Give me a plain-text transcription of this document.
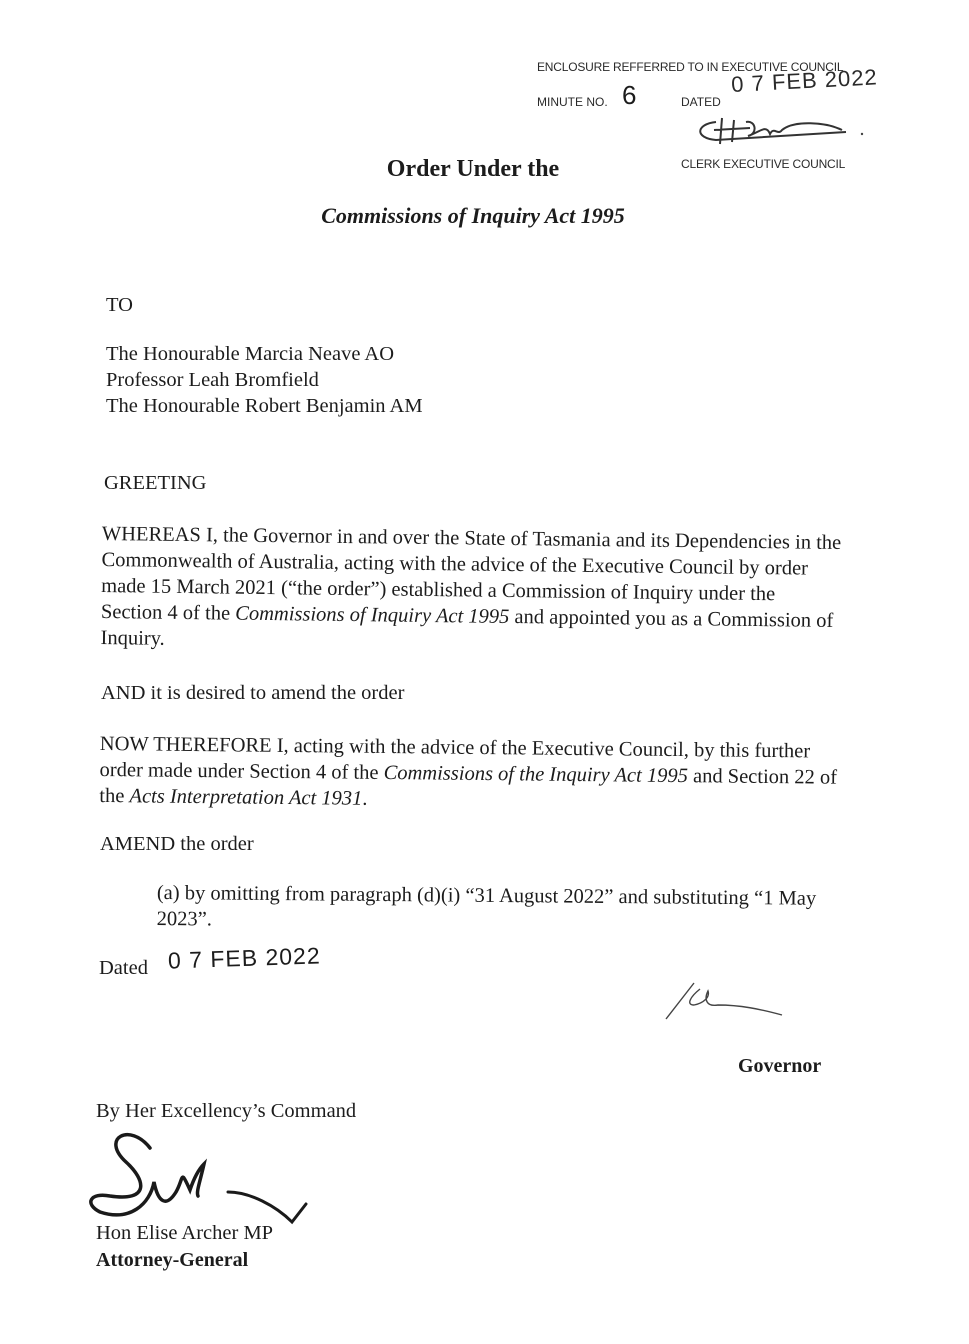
ENCLOSURE REFFERRED TO IN EXECUTIVE COUNCIL
MINUTE NO. 6	DATED
0 7 FEB 2022
CLERK EXECUTIVE COUNCIL
Order Under the
Commissions of Inquiry Act 1995
TO
The Honourable Marcia Neave AO
Professor Leah Bromfield
The Honourable Robert Benjamin AM
GREETING
WHEREAS I, the Governor in and over the State of Tasmania and its Dependencies in the Commonwealth of Australia, acting with the advice of the Executive Council by order made 15 March 2021 (“the order”) established a Commission of Inquiry under the Section 4 of the Commissions of Inquiry Act 1995 and appointed you as a Commission of Inquiry.
AND it is desired to amend the order
NOW THEREFORE I, acting with the advice of the Executive Council, by this further order made under Section 4 of the Commissions of the Inquiry Act 1995 and Section 22 of the Acts Interpretation Act 1931.
AMEND the order
(a) by omitting from paragraph (d)(i) “31 August 2022” and substituting “1 May 2023”.
Dated 0 7 FEB 2022
Governor
By Her Excellency’s Command
Hon Elise Archer MP
Attorney-General
